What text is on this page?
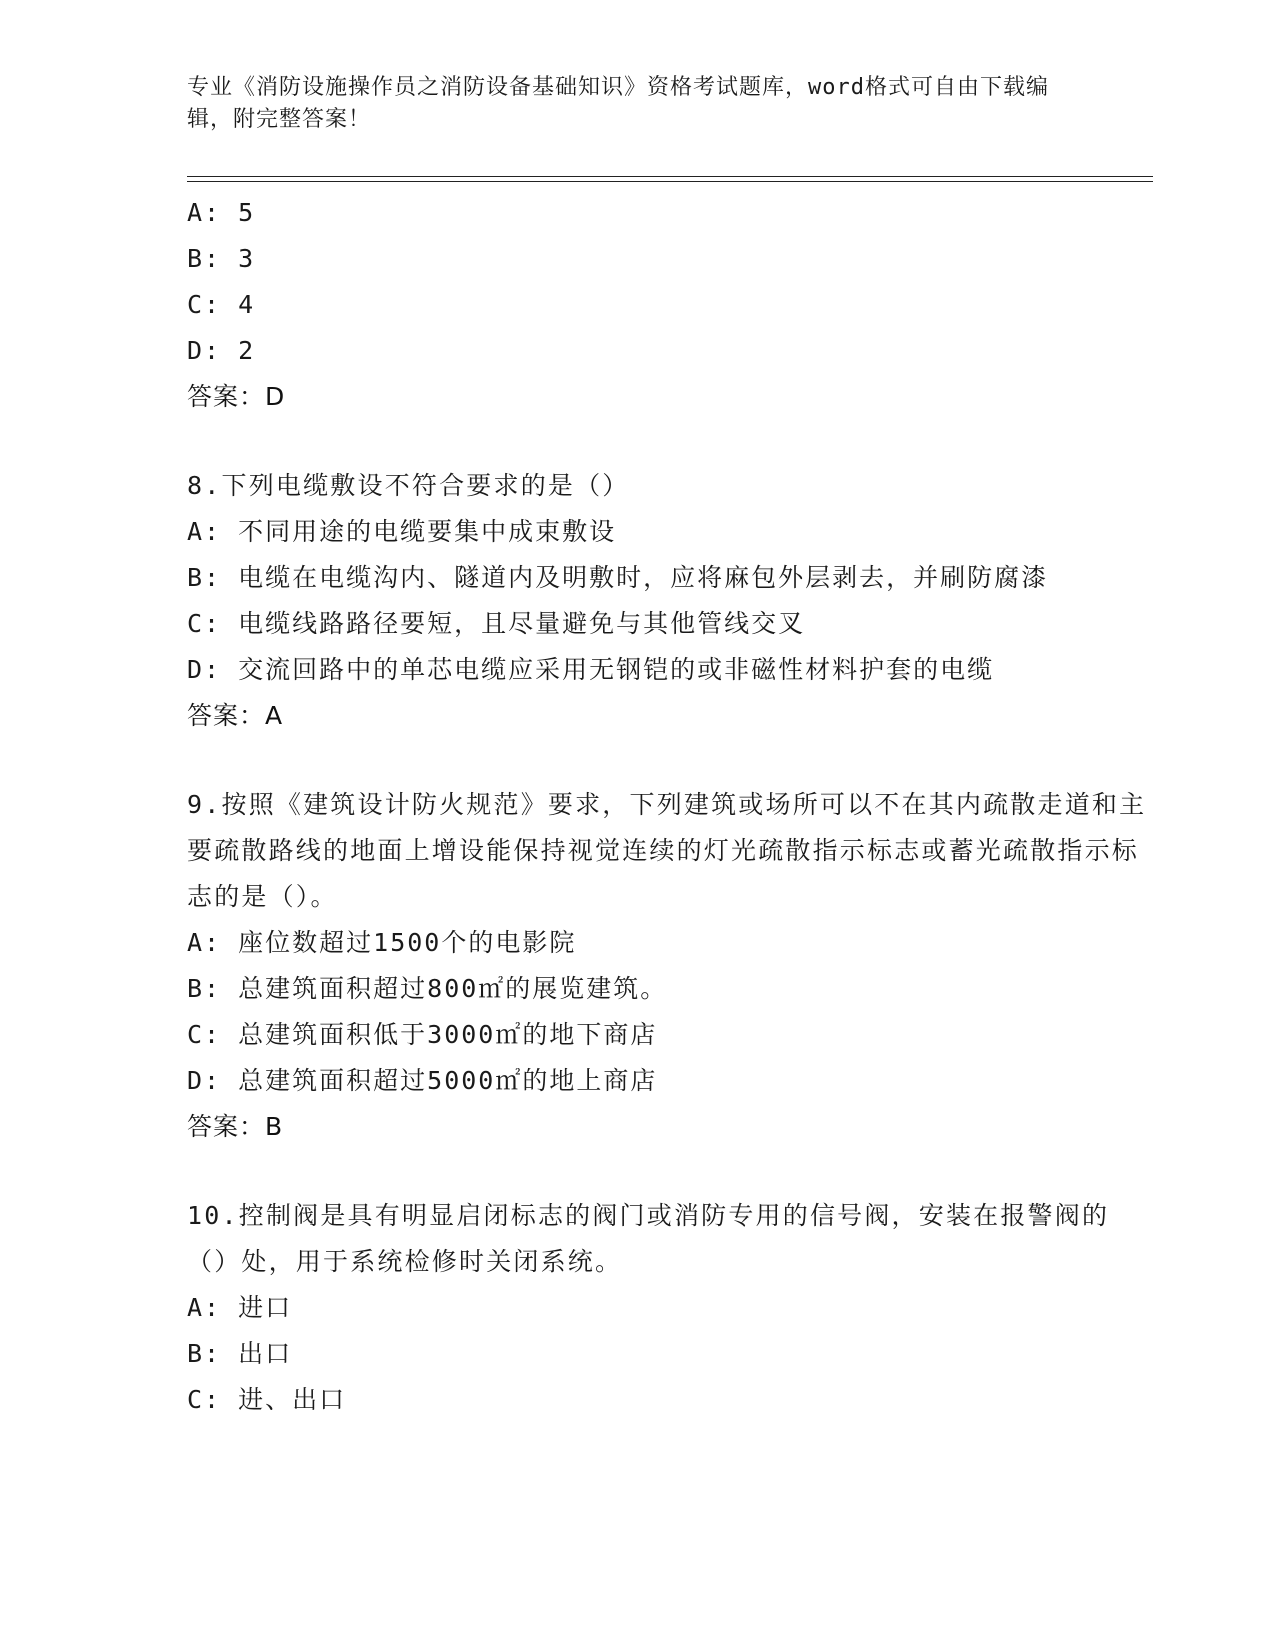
专业《消防设施操作员之消防设备基础知识》资格考试题库，word格式可自由下载编辑，附完整答案！
A: 5
B: 3
C: 4
D: 2
答案：D
8.下列电缆敷设不符合要求的是（）
A: 不同用途的电缆要集中成束敷设
B: 电缆在电缆沟内、隧道内及明敷时，应将麻包外层剥去，并刷防腐漆
C: 电缆线路路径要短，且尽量避免与其他管线交叉
D: 交流回路中的单芯电缆应采用无钢铠的或非磁性材料护套的电缆
答案：A
9.按照《建筑设计防火规范》要求，下列建筑或场所可以不在其内疏散走道和主要疏散路线的地面上增设能保持视觉连续的灯光疏散指示标志或蓄光疏散指示标志的是（）。
A: 座位数超过1500个的电影院
B: 总建筑面积超过800㎡的展览建筑。
C: 总建筑面积低于3000㎡的地下商店
D: 总建筑面积超过5000㎡的地上商店
答案：B
10.控制阀是具有明显启闭标志的阀门或消防专用的信号阀，安装在报警阀的（）处，用于系统检修时关闭系统。
A: 进口
B: 出口
C: 进、出口
